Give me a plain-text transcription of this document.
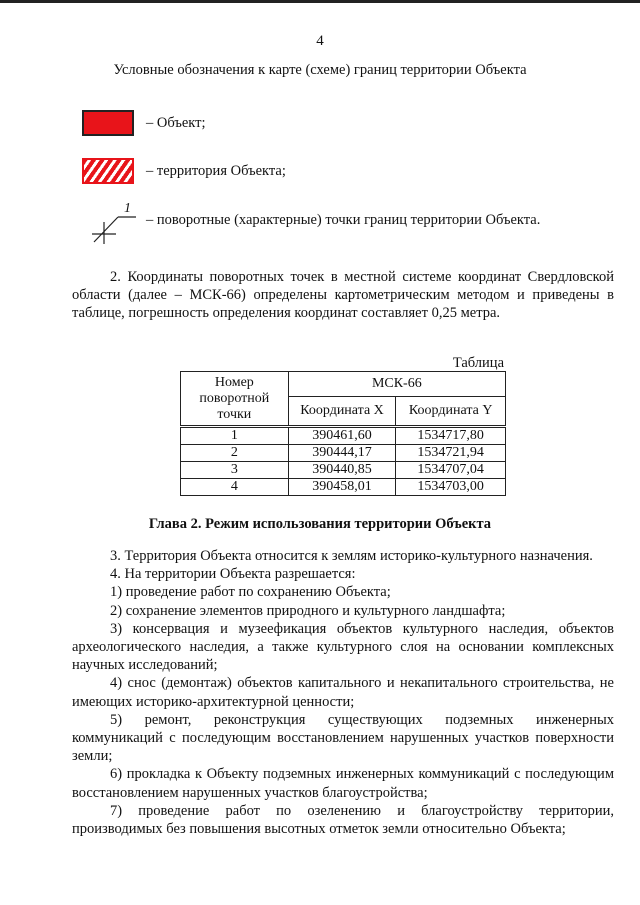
4
Условные обозначения к карте (схеме) границ территории Объекта
– Объект;
– территория Объекта;
1
– поворотные (характерные) точки границ территории Объекта.
2. Координаты поворотных точек в местной системе координат Свердловской области (далее – МСК-66) определены картометрическим методом и приведены в таблице, погрешность определения координат составляет 0,25 метра.
Таблица
Номер поворотной точки	МСК-66	
	Координата X	Координата Y
1	390461,60	1534717,80
2	390444,17	1534721,94
3	390440,85	1534707,04
4	390458,01	1534703,00
Глава 2. Режим использования территории Объекта

3. Территория Объекта относится к землям историко-культурного назначения.

4. На территории Объекта разрешается:

1) проведение работ по сохранению Объекта;

2) сохранение элементов природного и культурного ландшафта;

3) консервация и музеефикация объектов культурного наследия, объектов археологического наследия, а также культурного слоя на основании комплексных научных исследований;

4) снос (демонтаж) объектов капитального и некапитального строительства, не имеющих историко-архитектурной ценности;

5) ремонт, реконструкция существующих подземных инженерных коммуникаций с последующим восстановлением нарушенных участков поверхности земли;

6) прокладка к Объекту подземных инженерных коммуникаций с последующим восстановлением нарушенных участков благоустройства;

7) проведение работ по озеленению и благоустройству территории, производимых без повышения высотных отметок земли относительно Объекта;
